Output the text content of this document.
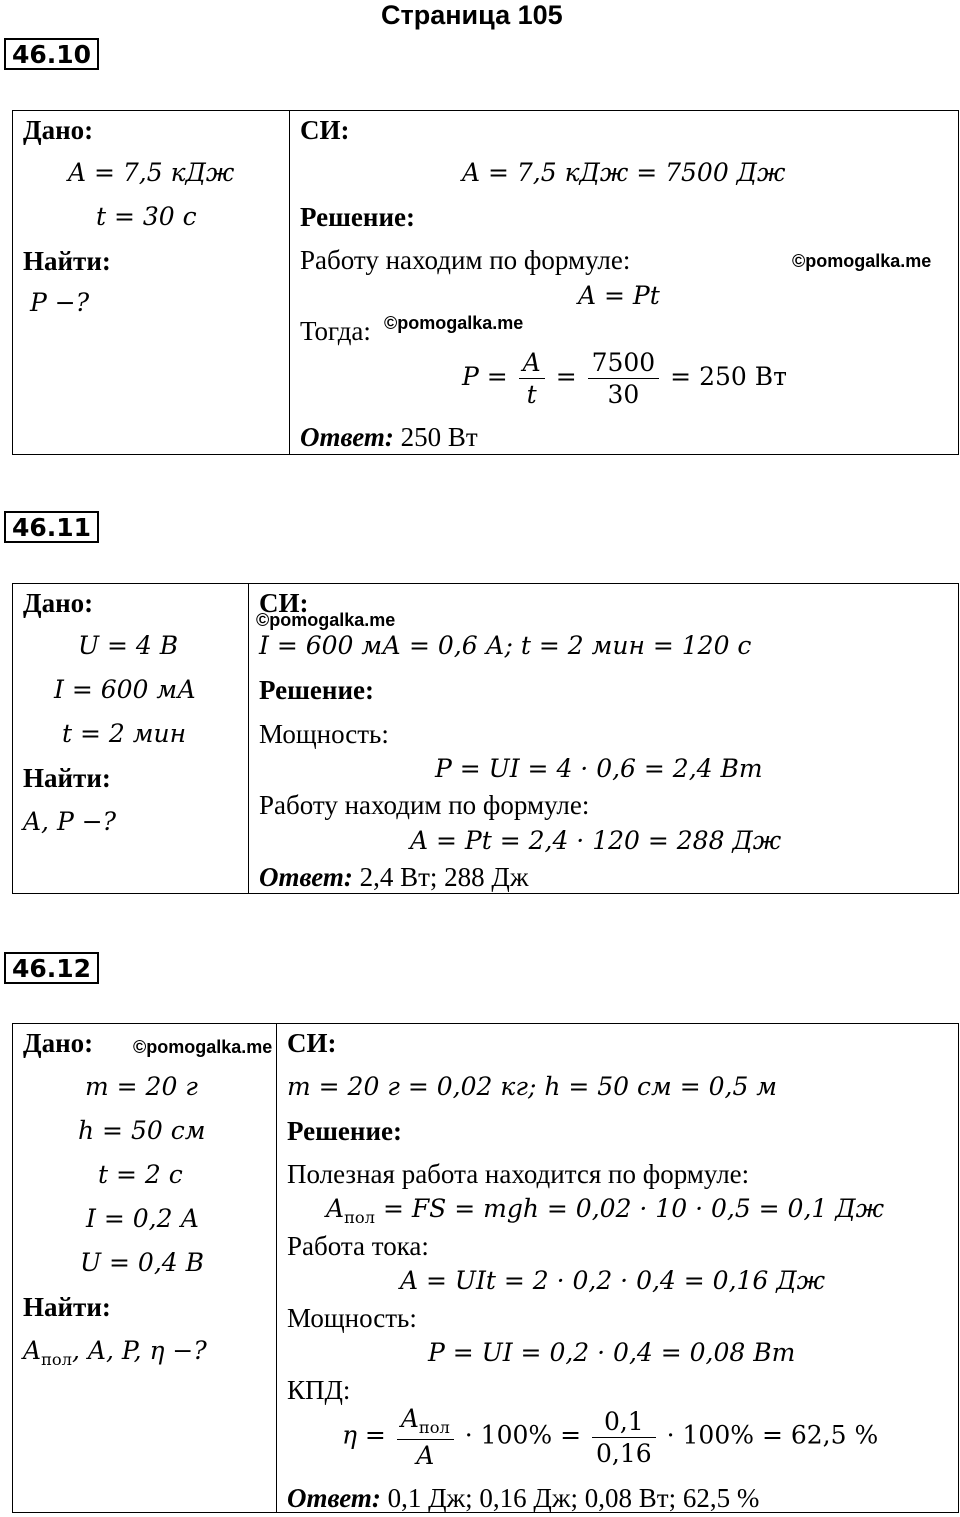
Страница 105
46.10
Дано:
A = 7,5 кДж
t = 30 с
Найти:
P −?
СИ:
A = 7,5 кДж = 7500 Дж
Решение:
Работу находим по формуле:	©pomogalka.me
A = Pt
Тогда: ©pomogalka.me
$P = \frac{A}{t} = \frac{7500}{30} = 250$ Вт
Ответ: 250 Вт
46.11
Дано:
U = 4 В
I = 600 мА
t = 2 мин
Найти:
A, P −?
СИ:
©pomogalka.me
I = 600 мА = 0,6 А; t = 2 мин = 120 с
Решение:
Мощность:
P = UI = 4 · 0,6 = 2,4 Вт
Работу находим по формуле:
A = Pt = 2,4 · 120 = 288 Дж
Ответ: 2,4 Вт; 288 Дж
46.12
Дано: ©pomogalka.me
m = 20 г
h = 50 см
t = 2 с
I = 0,2 А
U = 0,4 В
Найти:
$A_{пол}$, A, P, η −?
СИ:
m = 20 г = 0,02 кг; h = 50 см = 0,5 м
Решение:
Полезная работа находится по формуле:
$A_{пол}$ = FS = mgh = 0,02 · 10 · 0,5 = 0,1 Дж
Работа тока:
A = UIt = 2 · 0,2 · 0,4 = 0,16 Дж
Мощность:
P = UI = 0,2 · 0,4 = 0,08 Вт
КПД:
$\eta = \frac{A_{пол}}{A} \cdot 100\% = \frac{0,1}{0,16} \cdot 100\% = 62,5$ %
Ответ: 0,1 Дж; 0,16 Дж; 0,08 Вт; 62,5 %
